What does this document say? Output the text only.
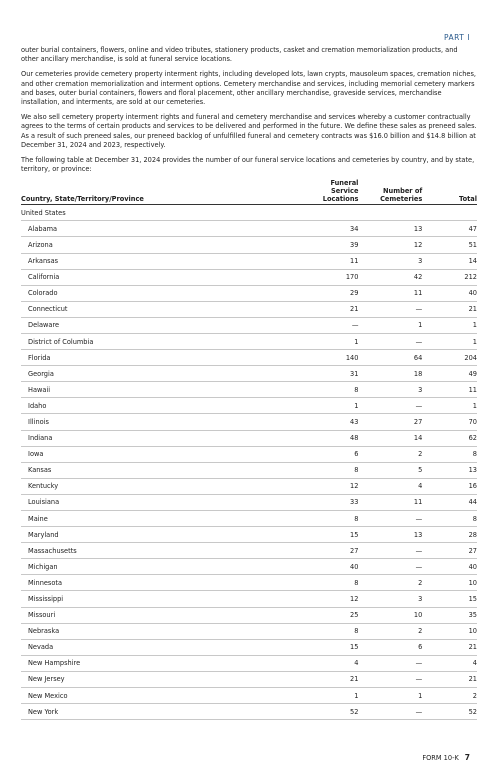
PART I

outer burial containers, flowers, online and video tributes, stationery products, casket and cremation memorialization products, and other ancillary merchandise, is sold at funeral service locations.

Our cemeteries provide cemetery property interment rights, including developed lots, lawn crypts, mausoleum spaces, cremation niches, and other cremation memorialization and interment options. Cemetery merchandise and services, including memorial cemetery markers and bases, outer burial containers, flowers and floral placement, other ancillary merchandise, graveside services, merchandise installation, and interments, are sold at our cemeteries.

We also sell cemetery property interment rights and funeral and cemetery merchandise and services whereby a customer contractually agrees to the terms of certain products and services to be delivered and performed in the future. We define these sales as preneed sales. As a result of such preneed sales, our preneed backlog of unfulfilled funeral and cemetery contracts was $16.0 billion and $14.8 billion at December 31, 2024 and 2023, respectively.

The following table at December 31, 2024 provides the number of our funeral service locations and cemeteries by country, and by state, territory, or province:

Country, State/Territory/Province	Funeral Service Locations	Number of Cemeteries	Total
United States			
Alabama	34	13	47
Arizona	39	12	51
Arkansas	11	3	14
California	170	42	212
Colorado	29	11	40
Connecticut	21	—	21
Delaware	—	1	1
District of Columbia	1	—	1
Florida	140	64	204
Georgia	31	18	49
Hawaii	8	3	11
Idaho	1	—	1
Illinois	43	27	70
Indiana	48	14	62
Iowa	6	2	8
Kansas	8	5	13
Kentucky	12	4	16
Louisiana	33	11	44
Maine	8	—	8
Maryland	15	13	28
Massachusetts	27	—	27
Michigan	40	—	40
Minnesota	8	2	10
Mississippi	12	3	15
Missouri	25	10	35
Nebraska	8	2	10
Nevada	15	6	21
New Hampshire	4	—	4
New Jersey	21	—	21
New Mexico	1	1	2
New York	52	—	52
FORM 10-K 7
